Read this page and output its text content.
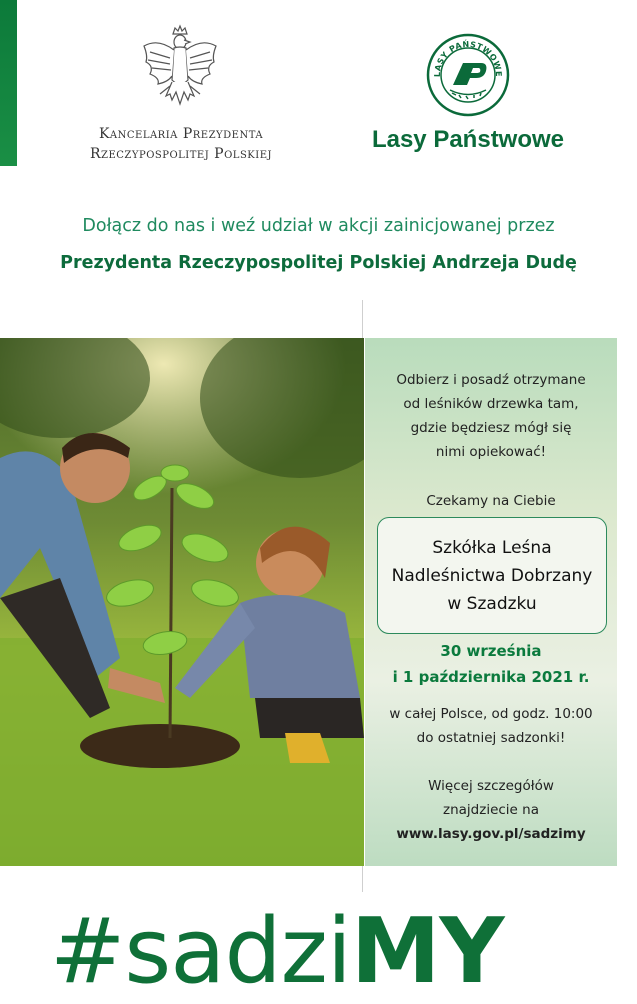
Kancelaria Prezydenta
Rzeczypospolitej Polskiej
LASY PAŃSTWOWE
Lasy Państwowe
Dołącz do nas i weź udział w akcji zainicjowanej przez
Prezydenta Rzeczypospolitej Polskiej Andrzeja Dudę
Odbierz i posadź otrzymane
od leśników drzewka tam,
gdzie będziesz mógł się
nimi opiekować!
Czekamy na Ciebie
Szkółka Leśna
Nadleśnictwa Dobrzany
w Szadzku
30 września
i 1 października 2021 r.
w całej Polsce, od godz. 10:00
do ostatniej sadzonki!
Więcej szczegółów
znajdziecie na
www.lasy.gov.pl/sadzimy
#sadziMY
